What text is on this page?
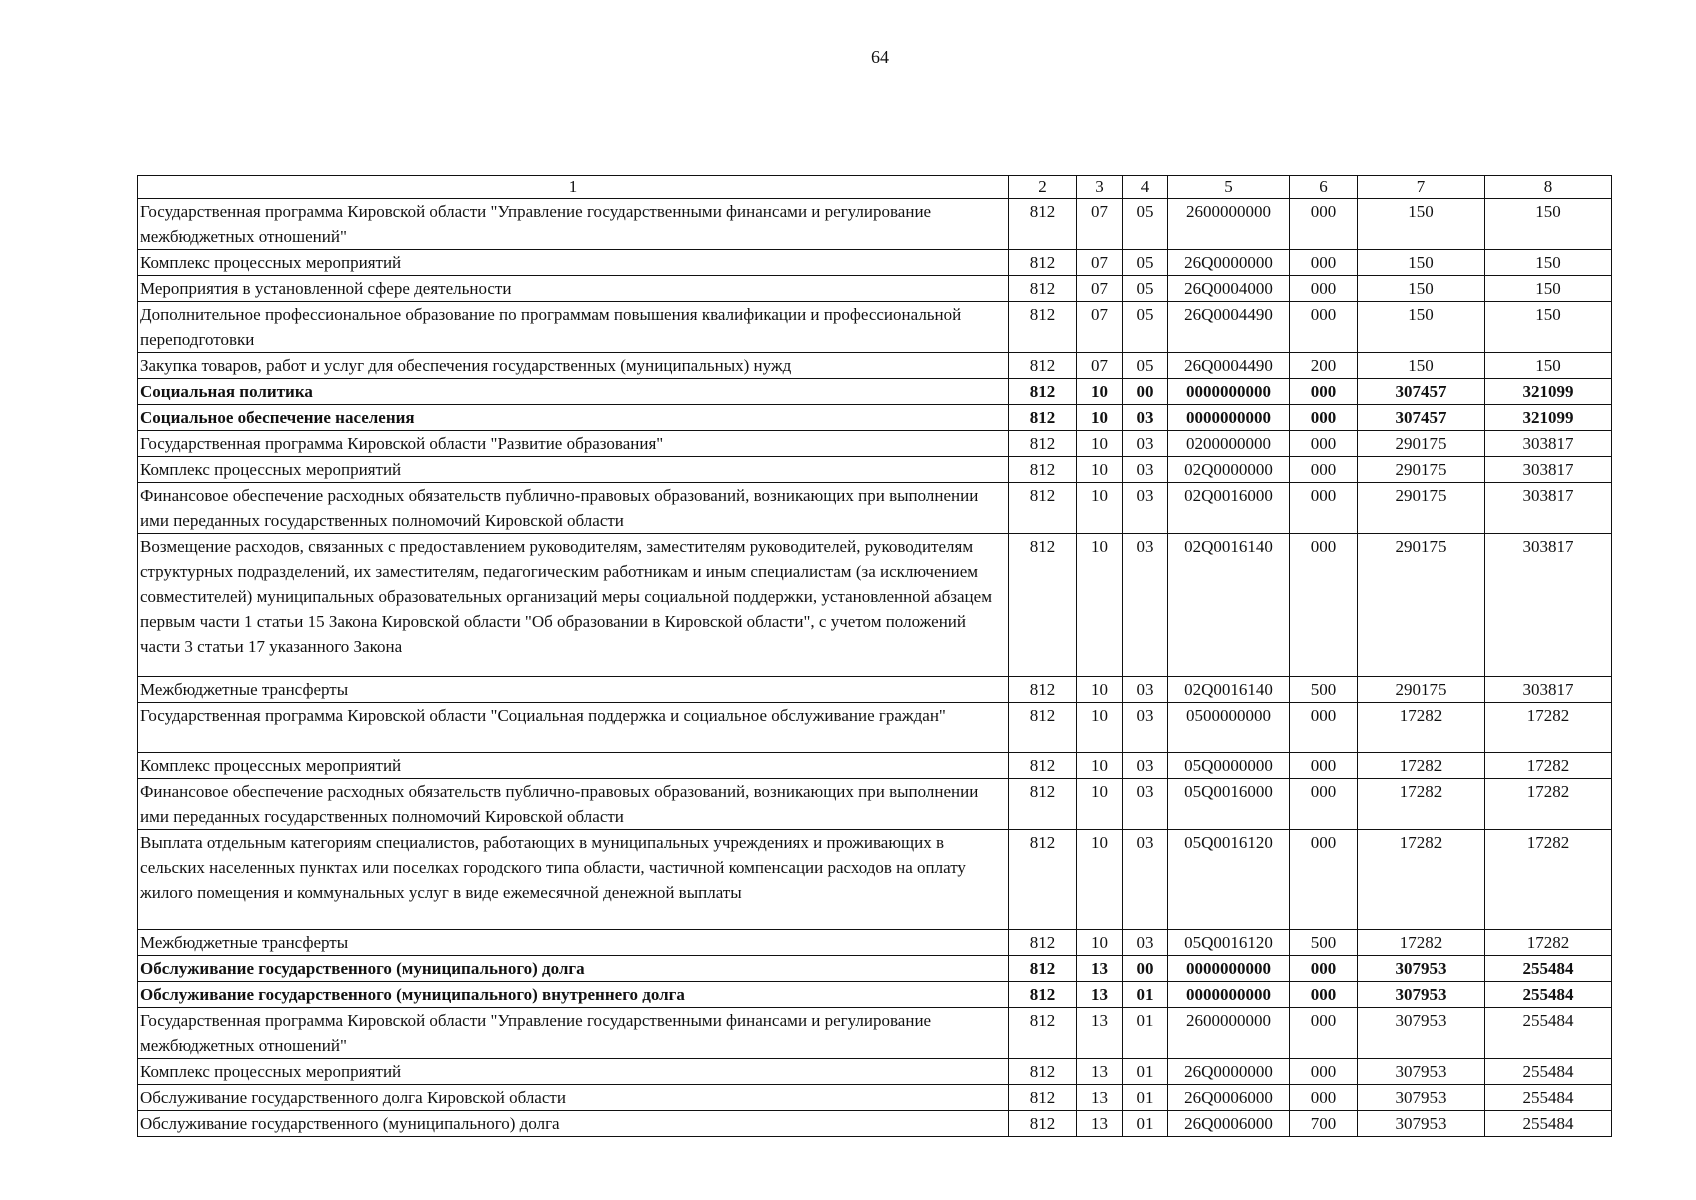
64
1	2	3	4	5	6	7	8
Государственная программа Кировской области "Управление государственными финансами и регулирование межбюджетных отношений"	812	07	05	2600000000	000	150	150
Комплекс процессных мероприятий	812	07	05	26Q0000000	000	150	150
Мероприятия в установленной сфере деятельности	812	07	05	26Q0004000	000	150	150
Дополнительное профессиональное образование по программам повышения квалификации и профессиональной переподготовки	812	07	05	26Q0004490	000	150	150
Закупка товаров, работ и услуг для обеспечения государственных (муниципальных) нужд	812	07	05	26Q0004490	200	150	150
Социальная политика	812	10	00	0000000000	000	307457	321099
Социальное обеспечение населения	812	10	03	0000000000	000	307457	321099
Государственная программа Кировской области "Развитие образования"	812	10	03	0200000000	000	290175	303817
Комплекс процессных мероприятий	812	10	03	02Q0000000	000	290175	303817
Финансовое обеспечение расходных обязательств публично-правовых образований, возникающих при выполнении ими переданных государственных полномочий Кировской области	812	10	03	02Q0016000	000	290175	303817
Возмещение расходов, связанных с предоставлением руководителям, заместителям руководителей, руководителям структурных подразделений, их заместителям, педагогическим работникам и иным специалистам (за исключением совместителей) муниципальных образовательных организаций меры социальной поддержки, установленной абзацем первым части 1 статьи 15 Закона Кировской области "Об образовании в Кировской области", с учетом положений части 3 статьи 17 указанного Закона	812	10	03	02Q0016140	000	290175	303817
Межбюджетные трансферты	812	10	03	02Q0016140	500	290175	303817
Государственная программа Кировской области "Социальная поддержка и социальное обслуживание граждан"	812	10	03	0500000000	000	17282	17282
Комплекс процессных мероприятий	812	10	03	05Q0000000	000	17282	17282
Финансовое обеспечение расходных обязательств публично-правовых образований, возникающих при выполнении ими переданных государственных полномочий Кировской области	812	10	03	05Q0016000	000	17282	17282
Выплата отдельным категориям специалистов, работающих в муниципальных учреждениях и проживающих в сельских населенных пунктах или поселках городского типа области, частичной компенсации расходов на оплату жилого помещения и коммунальных услуг в виде ежемесячной денежной выплаты	812	10	03	05Q0016120	000	17282	17282
Межбюджетные трансферты	812	10	03	05Q0016120	500	17282	17282
Обслуживание государственного (муниципального) долга	812	13	00	0000000000	000	307953	255484
Обслуживание государственного (муниципального) внутреннего долга	812	13	01	0000000000	000	307953	255484
Государственная программа Кировской области "Управление государственными финансами и регулирование межбюджетных отношений"	812	13	01	2600000000	000	307953	255484
Комплекс процессных мероприятий	812	13	01	26Q0000000	000	307953	255484
Обслуживание государственного долга Кировской области	812	13	01	26Q0006000	000	307953	255484
Обслуживание государственного (муниципального) долга	812	13	01	26Q0006000	700	307953	255484
